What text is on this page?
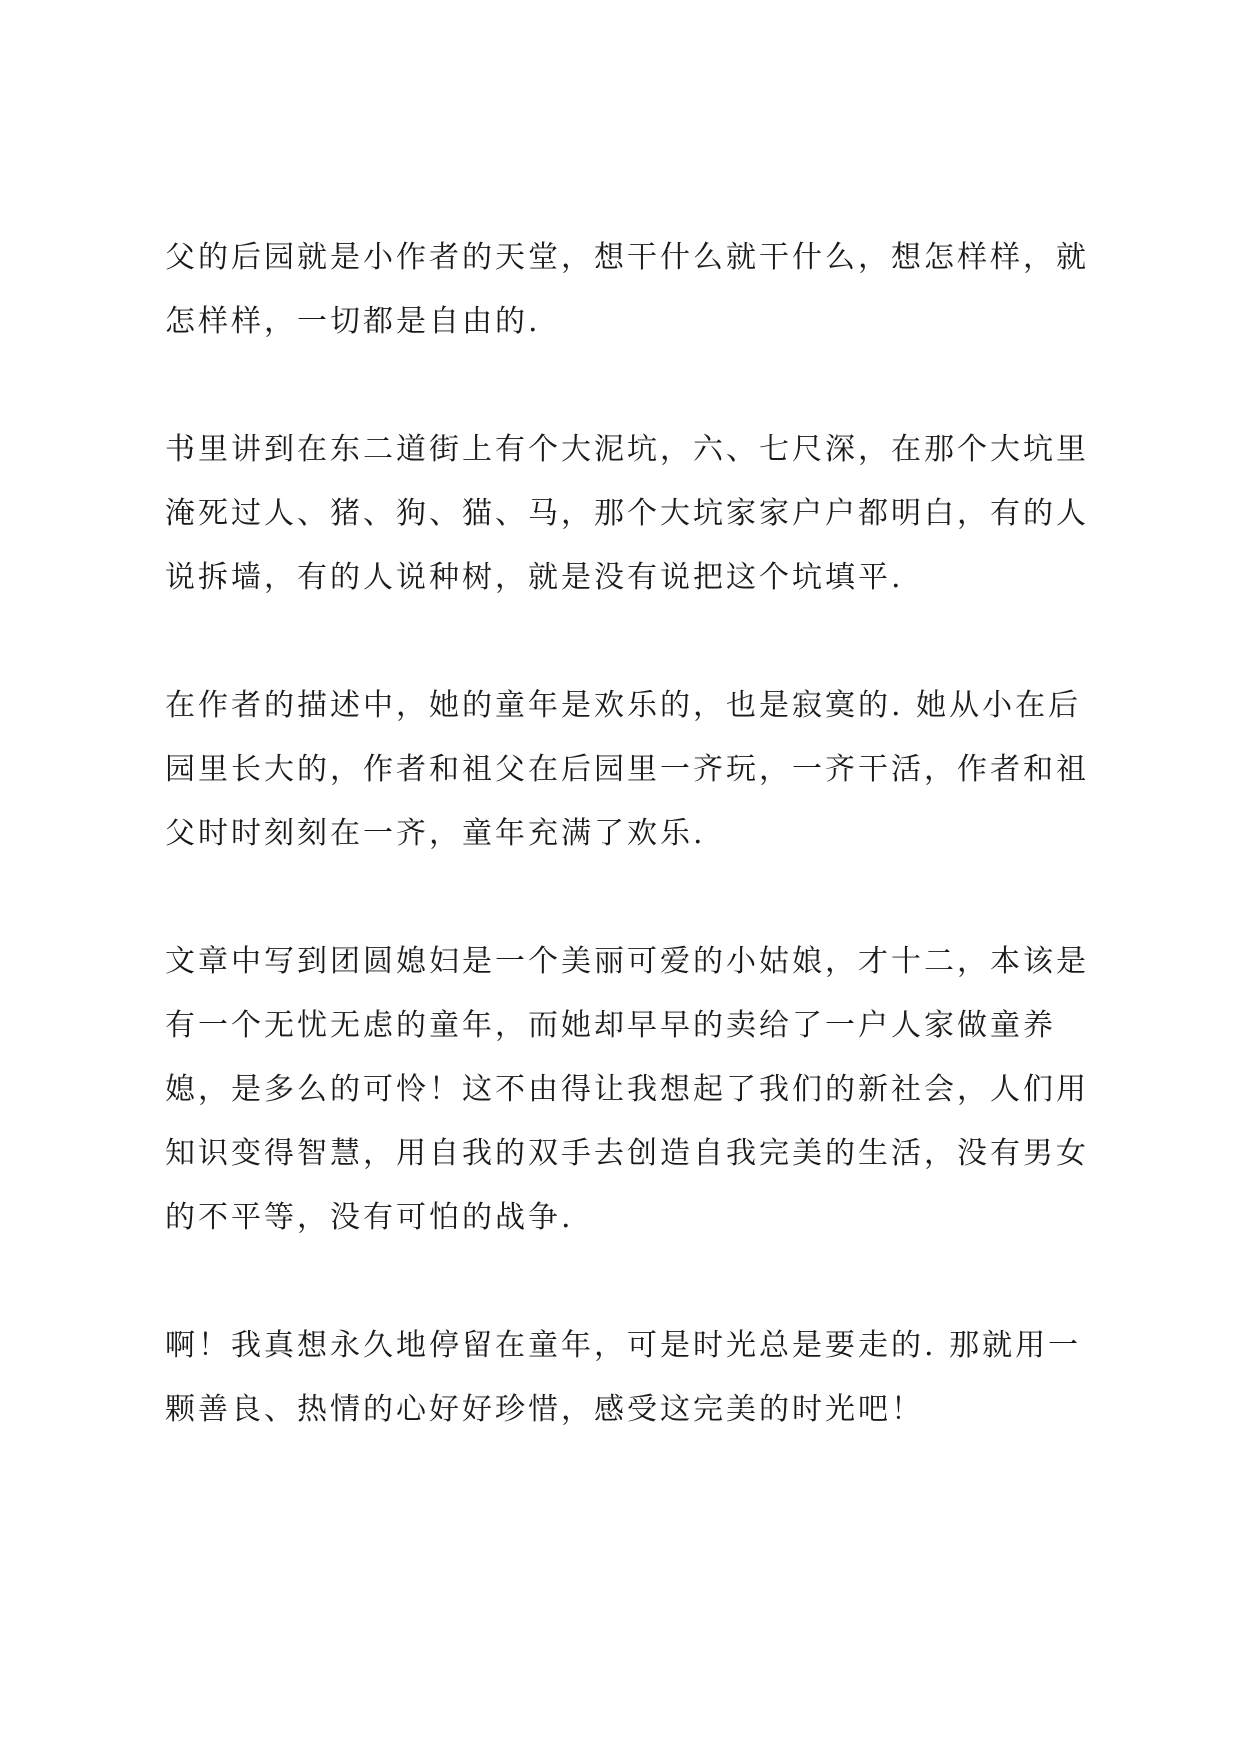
父的后园就是小作者的天堂，想干什么就干什么，想怎样样，就
怎样样，一切都是自由的.

书里讲到在东二道街上有个大泥坑，六、七尺深，在那个大坑里
淹死过人、猪、狗、猫、马，那个大坑家家户户都明白，有的人
说拆墙，有的人说种树，就是没有说把这个坑填平.

在作者的描述中，她的童年是欢乐的，也是寂寞的. 她从小在后
园里长大的，作者和祖父在后园里一齐玩，一齐干活，作者和祖
父时时刻刻在一齐，童年充满了欢乐.

文章中写到团圆媳妇是一个美丽可爱的小姑娘，才十二，本该是
有一个无忧无虑的童年，而她却早早的卖给了一户人家做童养
媳，是多么的可怜！这不由得让我想起了我们的新社会，人们用
知识变得智慧，用自我的双手去创造自我完美的生活，没有男女
的不平等，没有可怕的战争.

啊！我真想永久地停留在童年，可是时光总是要走的. 那就用一
颗善良、热情的心好好珍惜，感受这完美的时光吧！
